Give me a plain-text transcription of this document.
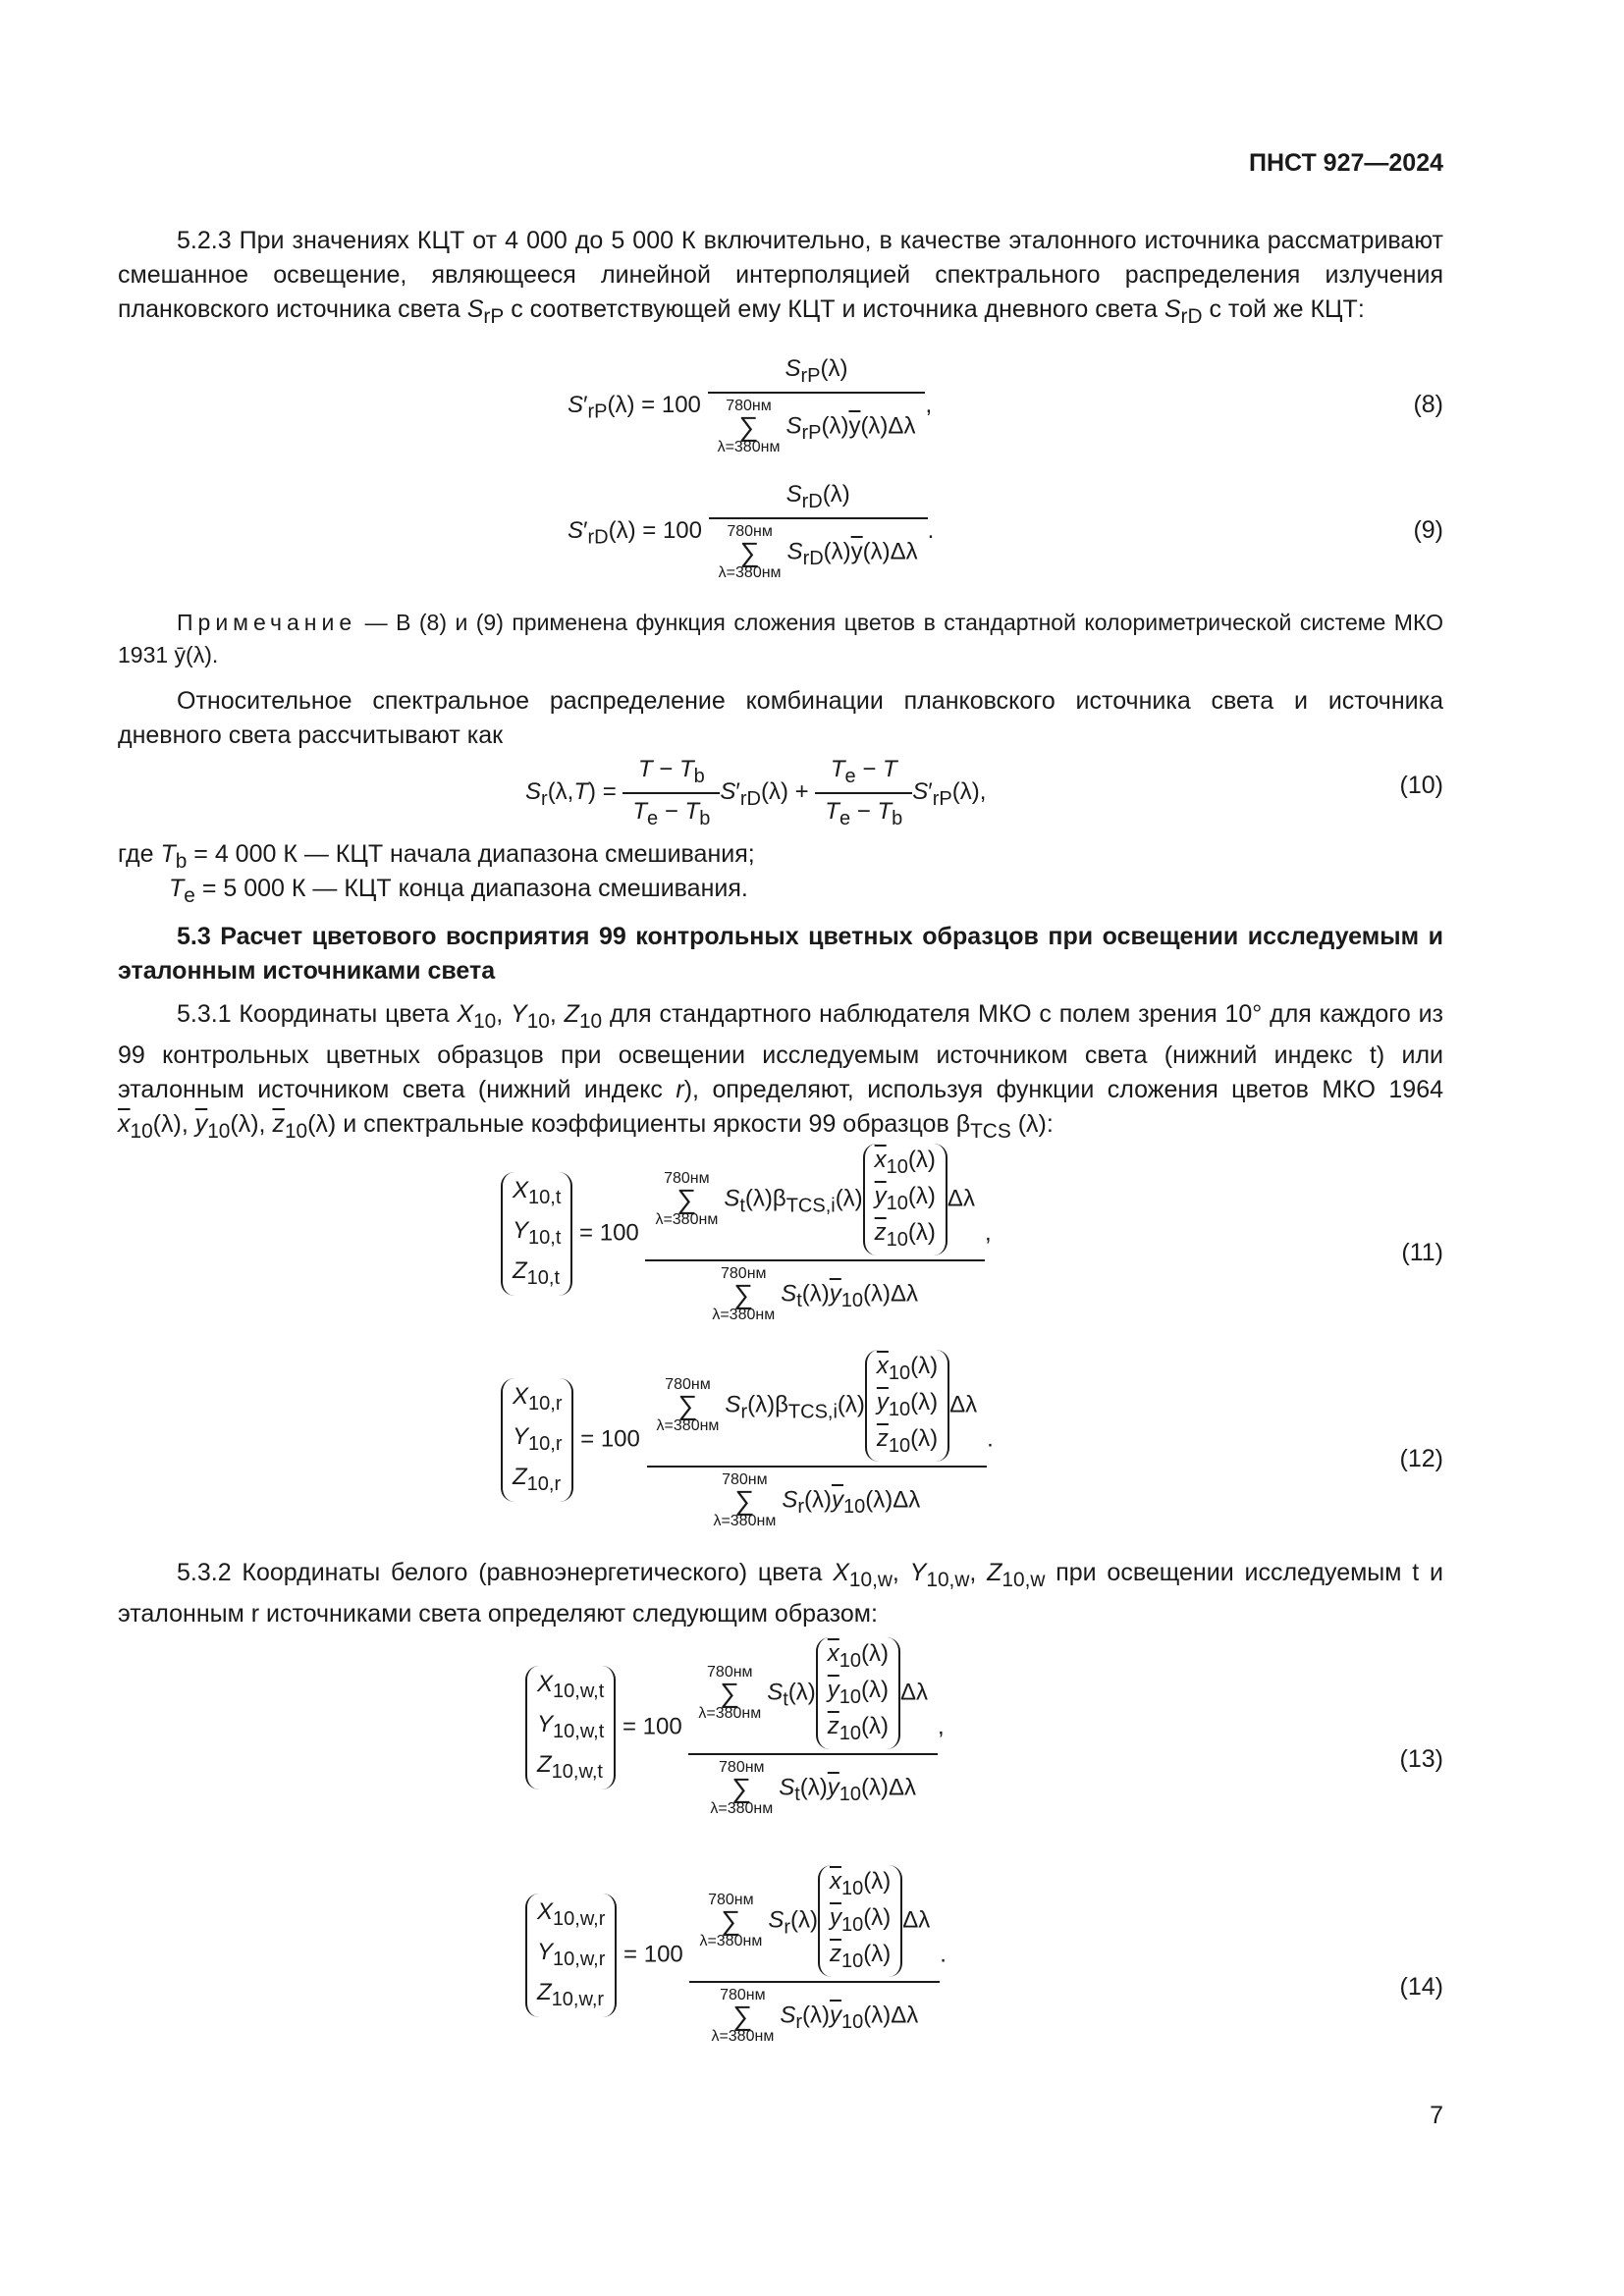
ПНСТ 927—2024

5.2.3 При значениях КЦТ от 4 000 до 5 000 К включительно, в качестве эталонного источника рассматривают смешанное освещение, являющееся линейной интерполяцией спектрального распределения излучения планковского источника света $S_{rP}$ с соответствующей ему КЦТ и источника дневного света $S_{rD}$ с той же КЦТ:

$S'_{rP}(\lambda) = 100$ $S_{rP}(\lambda)$
780нм
∑
$\lambda=380нмS_{rP}(\lambda)\overline{y}(\lambda)\Delta\lambda$ ,	(8)
$S'_{rD}(\lambda) = 100$ $S_{rD}(\lambda)$
780нм
∑
$\lambda=380нмS_{rD}(\lambda)\overline{y}(\lambda)\Delta\lambda$ .	(9)

Примечание — В (8) и (9) применена функция сложения цветов в стандартной колориметрической системе МКО 1931 ȳ(λ).

Относительное спектральное распределение комбинации планковского источника света и источника дневного света рассчитывают как

$S_r(\lambda,T) = \frac{T - T_b}{T_e - T_b} S'_{rD}(\lambda) + \frac{T_e - T}{T_e - T_b} S'_{rP}(\lambda)$,	(10)

где $T_b = 4$ 000 К — КЦТ начала диапазона смешивания;

$T_e = 5$ 000 К — КЦТ конца диапазона смешивания.

5.3 Расчет цветового восприятия 99 контрольных цветных образцов при освещении исследуемым и эталонным источниками света

5.3.1 Координаты цвета $X_{10}$, $Y_{10}$, $Z_{10}$ для стандартного наблюдателя МКО с полем зрения 10° для каждого из 99 контрольных цветных образцов при освещении исследуемым источником света (нижний индекс t) или эталонным источником света (нижний индекс r), определяют, используя функции сложения цветов МКО 1964 $\overline{x}_{10}(\lambda)$, $\overline{y}_{10}(\lambda)$, $\overline{z}_{10}(\lambda)$ и спектральные коэффициенты яркости 99 образцов $\beta_{TCS}$ (λ):

$X_{10,t}$
$Y_{10,t}$
$Z_{10,t} = 100$
780нм
∑
$\lambda=380нмS_t(\lambda)\beta_{TCS,i}(\lambda)\overline{x}_{10}(\lambda)$
$\overline{y}_{10}(\lambda)$
$\overline{z}_{10}(\lambda)\Delta\lambda$
780нм
∑
$\lambda=380нмS_t(\lambda)\overline{y}_{10}(\lambda)\Delta\lambda$
,
(11)
$X_{10,r}$
$Y_{10,r}$
$Z_{10,r} = 100$
780нм
∑
$\lambda=380нмS_r(\lambda)\beta_{TCS,i}(\lambda)\overline{x}_{10}(\lambda)$
$\overline{y}_{10}(\lambda)$
$\overline{z}_{10}(\lambda)\Delta\lambda$
780нм
∑
$\lambda=380нмS_r(\lambda)\overline{y}_{10}(\lambda)\Delta\lambda$
.
(12)

5.3.2 Координаты белого (равноэнергетического) цвета $X_{10,w}$, $Y_{10,w}$, $Z_{10,w}$ при освещении исследуемым t и эталонным r источниками света определяют следующим образом:

$X_{10,w,t}$
$Y_{10,w,t}$
$Z_{10,w,t} = 100$
780нм
∑
$\lambda=380нмS_t(\lambda)\overline{x}_{10}(\lambda)$
$\overline{y}_{10}(\lambda)$
$\overline{z}_{10}(\lambda)\Delta\lambda$
780нм
∑
$\lambda=380нмS_t(\lambda)\overline{y}_{10}(\lambda)\Delta\lambda$
,
(13)
$X_{10,w,r}$
$Y_{10,w,r}$
$Z_{10,w,r} = 100$
780нм
∑
$\lambda=380нмS_r(\lambda)\overline{x}_{10}(\lambda)$
$\overline{y}_{10}(\lambda)$
$\overline{z}_{10}(\lambda)\Delta\lambda$
780нм
∑
$\lambda=380нмS_r(\lambda)\overline{y}_{10}(\lambda)\Delta\lambda$
.
(14)
7
